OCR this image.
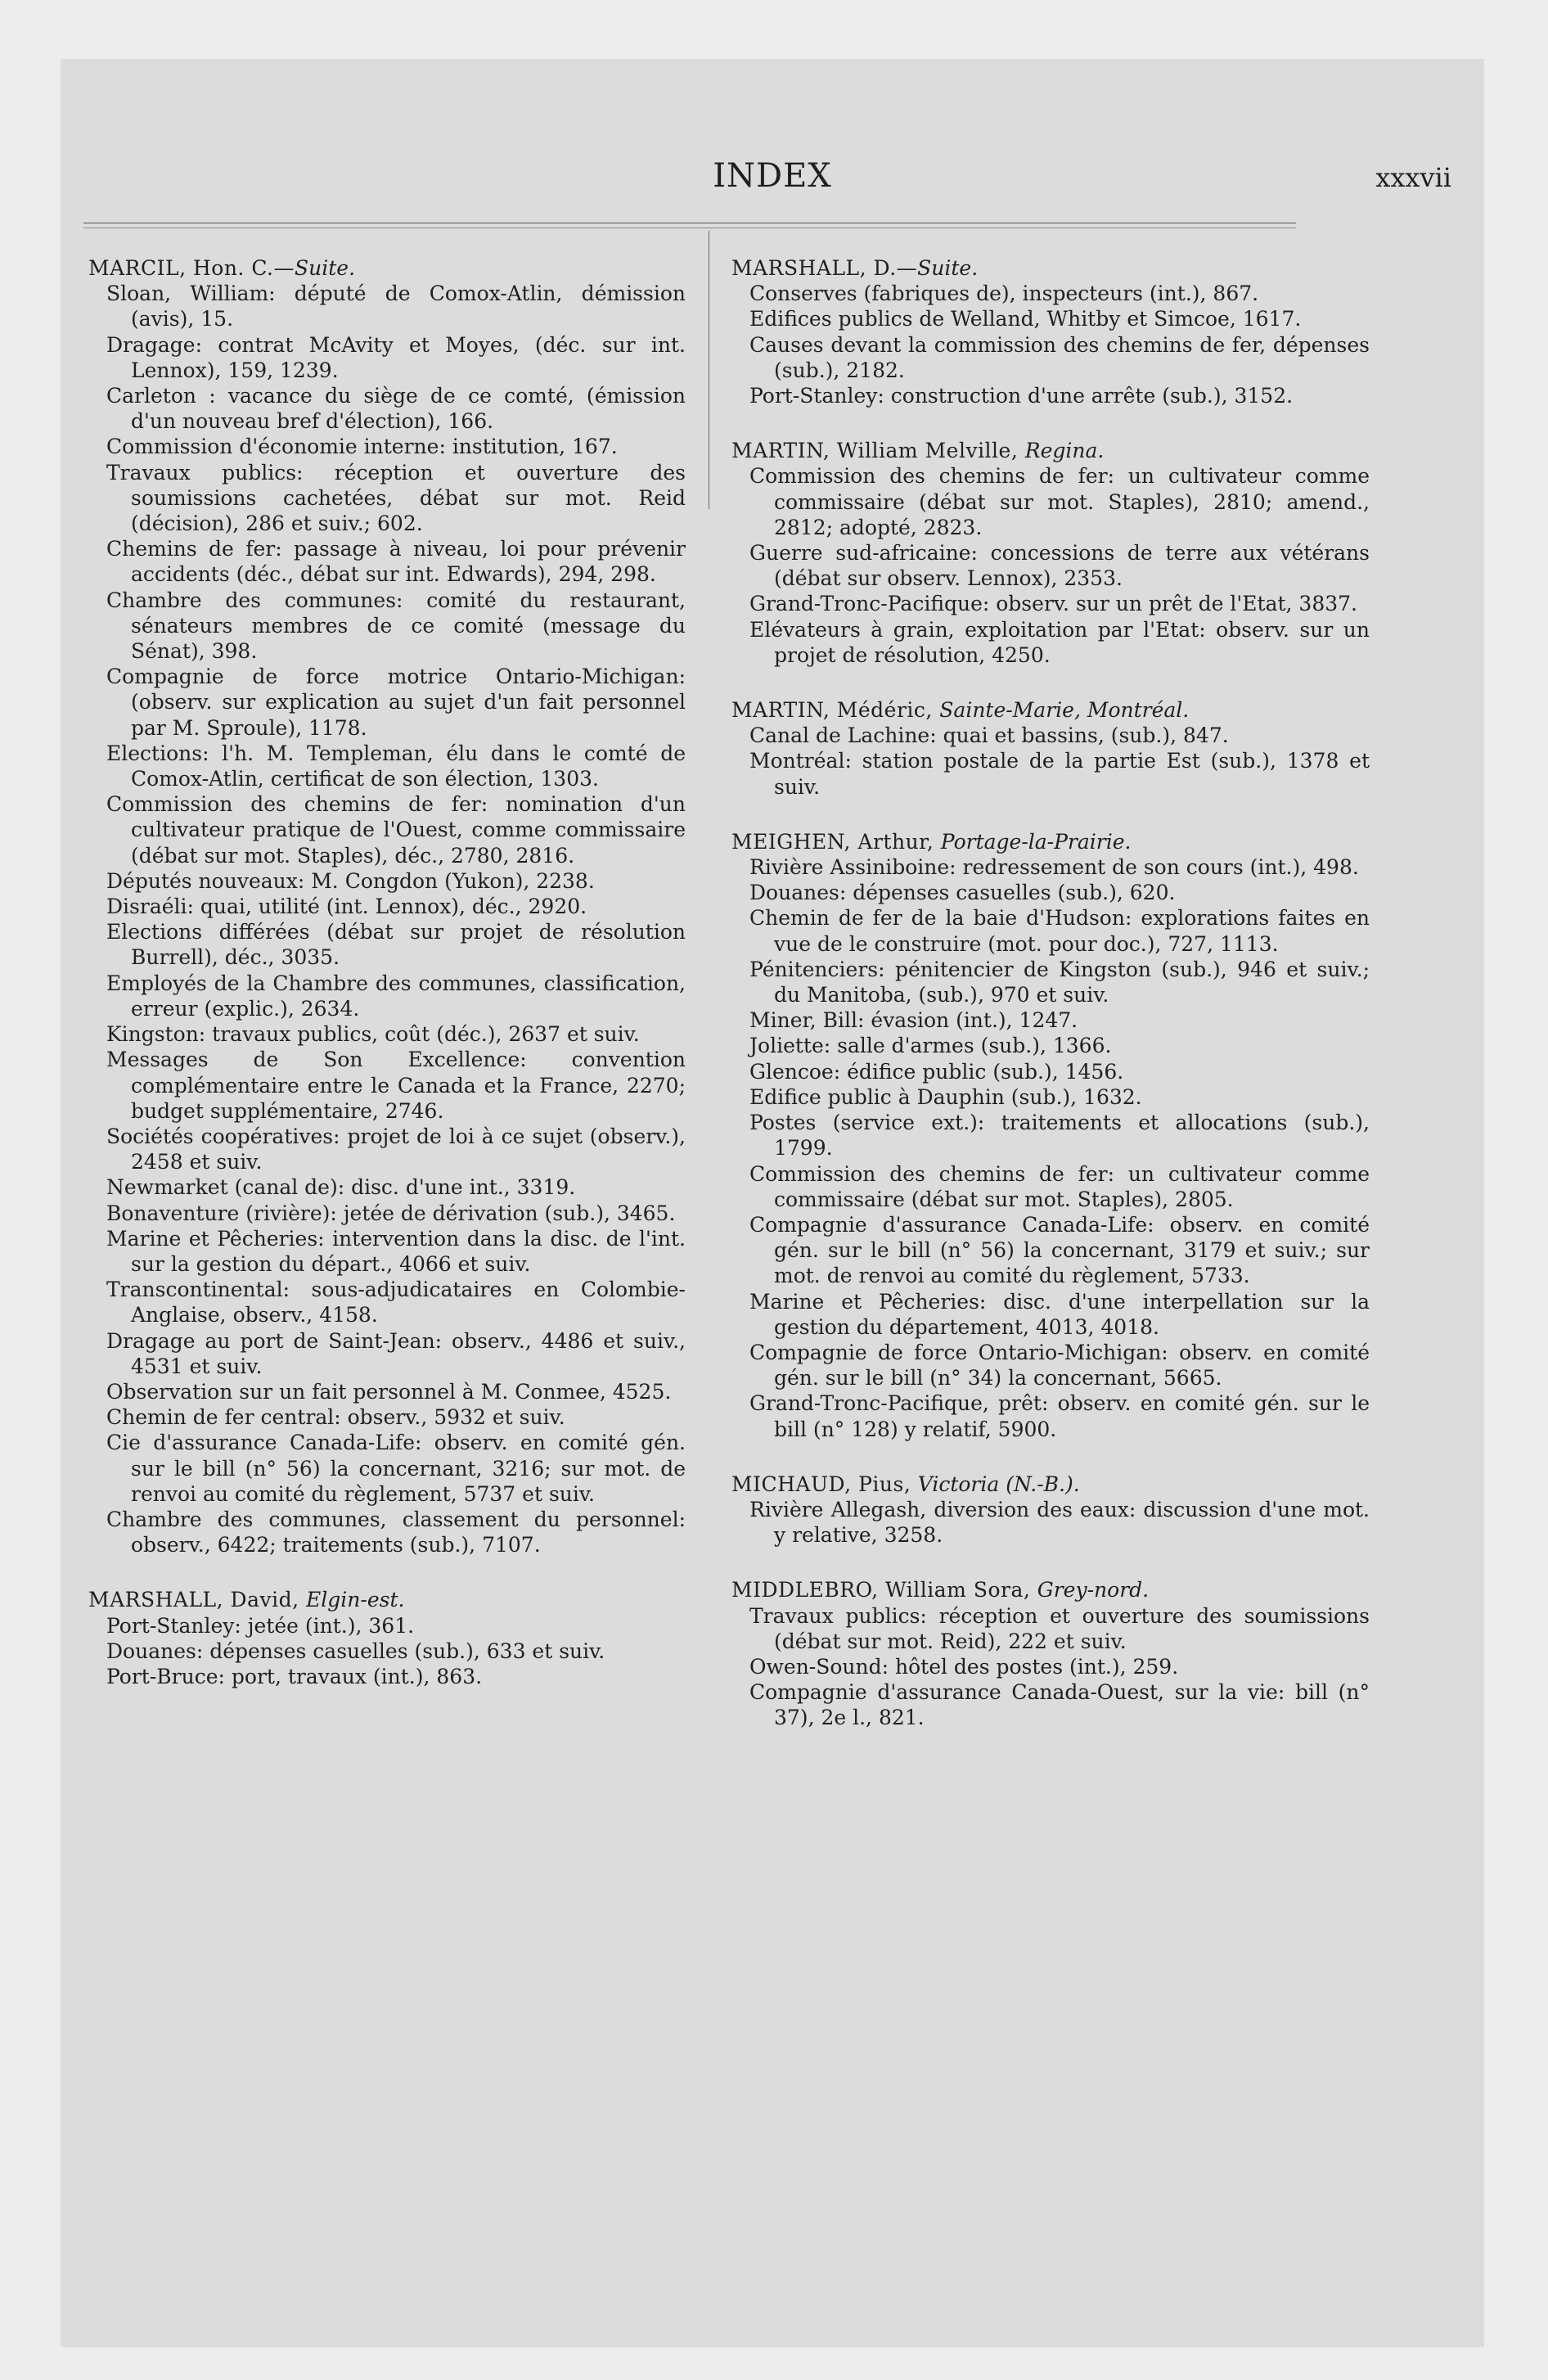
INDEX	xxxvii
MARCIL, Hon. C.—Suite.
Sloan, William: député de Comox-Atlin, démission (avis), 15.
Dragage: contrat McAvity et Moyes, (déc. sur int. Lennox), 159, 1239.
Carleton : vacance du siège de ce comté, (émission d'un nouveau bref d'élection), 166.
Commission d'économie interne: institution, 167.
Travaux publics: réception et ouverture des soumissions cachetées, débat sur mot. Reid (décision), 286 et suiv.; 602.
Chemins de fer: passage à niveau, loi pour prévenir accidents (déc., débat sur int. Edwards), 294, 298.
Chambre des communes: comité du restaurant, sénateurs membres de ce comité (message du Sénat), 398.
Compagnie de force motrice Ontario-Michigan: (observ. sur explication au sujet d'un fait personnel par M. Sproule), 1178.
Elections: l'h. M. Templeman, élu dans le comté de Comox-Atlin, certificat de son élection, 1303.
Commission des chemins de fer: nomination d'un cultivateur pratique de l'Ouest, comme commissaire (débat sur mot. Staples), déc., 2780, 2816.
Députés nouveaux: M. Congdon (Yukon), 2238.
Disraéli: quai, utilité (int. Lennox), déc., 2920.
Elections différées (débat sur projet de résolution Burrell), déc., 3035.
Employés de la Chambre des communes, classification, erreur (explic.), 2634.
Kingston: travaux publics, coût (déc.), 2637 et suiv.
Messages de Son Excellence: convention complémentaire entre le Canada et la France, 2270; budget supplémentaire, 2746.
Sociétés coopératives: projet de loi à ce sujet (observ.), 2458 et suiv.
Newmarket (canal de): disc. d'une int., 3319.
Bonaventure (rivière): jetée de dérivation (sub.), 3465.
Marine et Pêcheries: intervention dans la disc. de l'int. sur la gestion du départ., 4066 et suiv.
Transcontinental: sous-adjudicataires en Colombie-Anglaise, observ., 4158.
Dragage au port de Saint-Jean: observ., 4486 et suiv., 4531 et suiv.
Observation sur un fait personnel à M. Conmee, 4525.
Chemin de fer central: observ., 5932 et suiv.
Cie d'assurance Canada-Life: observ. en comité gén. sur le bill (n° 56) la concernant, 3216; sur mot. de renvoi au comité du règlement, 5737 et suiv.
Chambre des communes, classement du personnel: observ., 6422; traitements (sub.), 7107.
MARSHALL, David, Elgin-est.
Port-Stanley: jetée (int.), 361.
Douanes: dépenses casuelles (sub.), 633 et suiv.
Port-Bruce: port, travaux (int.), 863.
MARSHALL, D.—Suite.
Conserves (fabriques de), inspecteurs (int.), 867.
Edifices publics de Welland, Whitby et Simcoe, 1617.
Causes devant la commission des chemins de fer, dépenses (sub.), 2182.
Port-Stanley: construction d'une arrête (sub.), 3152.
MARTIN, William Melville, Regina.
Commission des chemins de fer: un cultivateur comme commissaire (débat sur mot. Staples), 2810; amend., 2812; adopté, 2823.
Guerre sud-africaine: concessions de terre aux vétérans (débat sur observ. Lennox), 2353.
Grand-Tronc-Pacifique: observ. sur un prêt de l'Etat, 3837.
Elévateurs à grain, exploitation par l'Etat: observ. sur un projet de résolution, 4250.
MARTIN, Médéric, Sainte-Marie, Montréal.
Canal de Lachine: quai et bassins, (sub.), 847.
Montréal: station postale de la partie Est (sub.), 1378 et suiv.
MEIGHEN, Arthur, Portage-la-Prairie.
Rivière Assiniboine: redressement de son cours (int.), 498.
Douanes: dépenses casuelles (sub.), 620.
Chemin de fer de la baie d'Hudson: explorations faites en vue de le construire (mot. pour doc.), 727, 1113.
Pénitenciers: pénitencier de Kingston (sub.), 946 et suiv.; du Manitoba, (sub.), 970 et suiv.
Miner, Bill: évasion (int.), 1247.
Joliette: salle d'armes (sub.), 1366.
Glencoe: édifice public (sub.), 1456.
Edifice public à Dauphin (sub.), 1632.
Postes (service ext.): traitements et allocations (sub.), 1799.
Commission des chemins de fer: un cultivateur comme commissaire (débat sur mot. Staples), 2805.
Compagnie d'assurance Canada-Life: observ. en comité gén. sur le bill (n° 56) la concernant, 3179 et suiv.; sur mot. de renvoi au comité du règlement, 5733.
Marine et Pêcheries: disc. d'une interpellation sur la gestion du département, 4013, 4018.
Compagnie de force Ontario-Michigan: observ. en comité gén. sur le bill (n° 34) la concernant, 5665.
Grand-Tronc-Pacifique, prêt: observ. en comité gén. sur le bill (n° 128) y relatif, 5900.
MICHAUD, Pius, Victoria (N.-B.).
Rivière Allegash, diversion des eaux: discussion d'une mot. y relative, 3258.
MIDDLEBRO, William Sora, Grey-nord.
Travaux publics: réception et ouverture des soumissions (débat sur mot. Reid), 222 et suiv.
Owen-Sound: hôtel des postes (int.), 259.
Compagnie d'assurance Canada-Ouest, sur la vie: bill (n° 37), 2e l., 821.
